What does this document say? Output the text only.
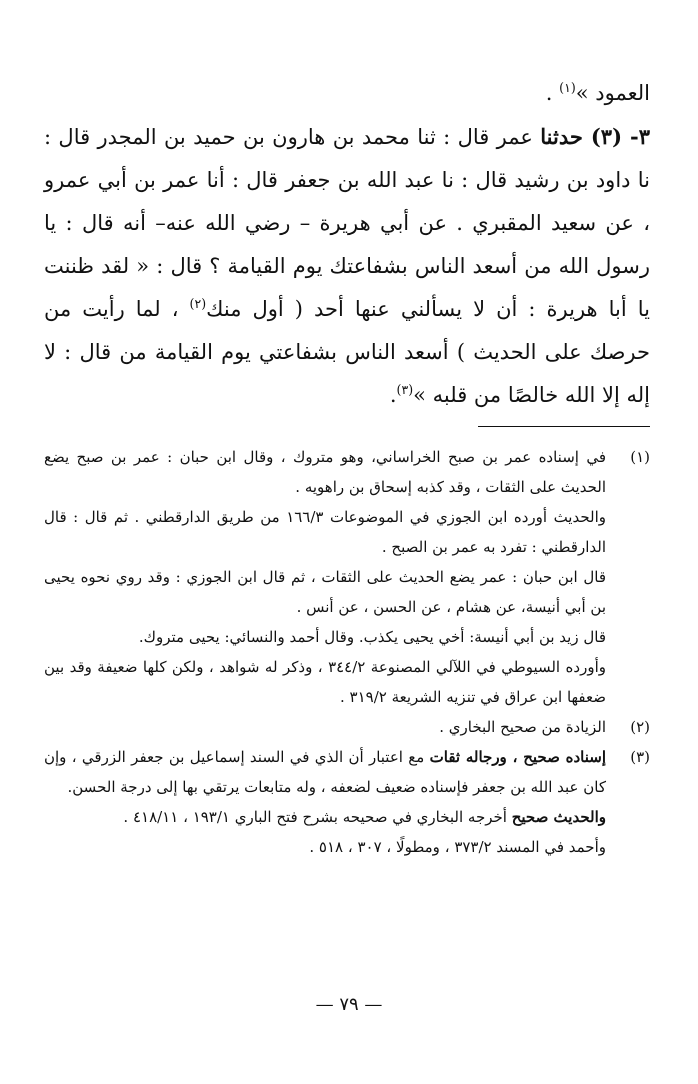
العمود »$^{(١)}$ .

٣- (٣) حدثنا عمر قال : ثنا محمد بن هارون بن حميد بن المجدر قال : نا داود بن رشيد قال : نا عبد الله بن جعفر قال : أنا عمر بن أبي عمرو ، عن سعيد المقبري . عن أبي هريرة – رضي الله عنه– أنه قال : يا رسول الله من أسعد الناس بشفاعتك يوم القيامة ؟ قال : « لقد ظننت يا أبا هريرة : أن لا يسألني عنها أحد ( أول منك$^{(٢)}$ ، لما رأيت من حرصك على الحديث ) أسعد الناس بشفاعتي يوم القيامة من قال : لا إله إلا الله خالصًا من قلبه »$^{(٣)}$.

(١)

في إسناده عمر بن صبح الخراساني، وهو متروك ، وقال ابن حبان : عمر بن صبح يضع الحديث على الثقات ، وقد كذبه إسحاق بن راهويه .

والحديث أورده ابن الجوزي في الموضوعات ١٦٦/٣ من طريق الدارقطني . ثم قال : قال الدارقطني : تفرد به عمر بن الصبح .

قال ابن حبان : عمر يضع الحديث على الثقات ، ثم قال ابن الجوزي : وقد روي نحوه يحيى بن أبي أنيسة، عن هشام ، عن الحسن ، عن أنس .

قال زيد بن أبي أنيسة: أخي يحيى يكذب. وقال أحمد والنسائي: يحيى متروك.

وأورده السيوطي في اللآلي المصنوعة ٣٤٤/٢ ، وذكر له شواهد ، ولكن كلها ضعيفة وقد بين ضعفها ابن عراق في تنزيه الشريعة ٣١٩/٢ .

(٢)

الزيادة من صحيح البخاري .

(٣)

إسناده صحيح ، ورجاله ثقات مع اعتبار أن الذي في السند إسماعيل بن جعفر الزرقي ، وإن كان عبد الله بن جعفر فإسناده ضعيف لضعفه ، وله متابعات يرتقي بها إلى درجة الحسن.

والحديث صحيح أخرجه البخاري في صحيحه بشرح فتح الباري ١٩٣/١ ، ٤١٨/١١ .

وأحمد في المسند ٣٧٣/٢ ، ومطولًا ، ٣٠٧ ، ٥١٨ .

— ٧٩ —
